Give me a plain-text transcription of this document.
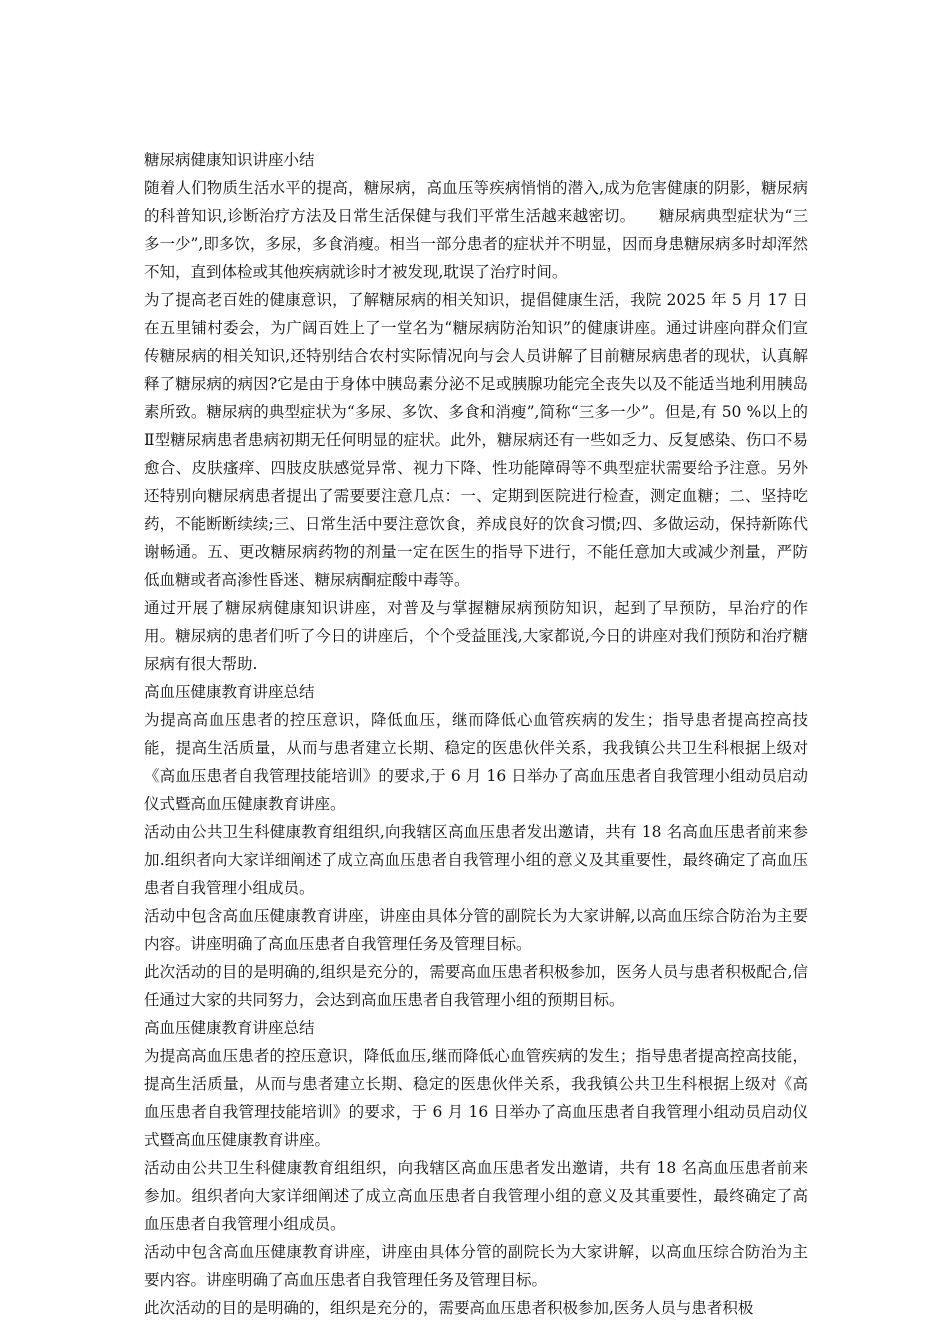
糖尿病健康知识讲座小结

随着人们物质生活水平的提高，糖尿病，高血压等疾病悄悄的潜入,成为危害健康的阴影，糖尿病的科普知识,诊断治疗方法及日常生活保健与我们平常生活越来越密切。　　糖尿病典型症状为“三多一少”,即多饮，多尿，多食消瘦。相当一部分患者的症状并不明显，因而身患糖尿病多时却浑然不知，直到体检或其他疾病就诊时才被发现,耽误了治疗时间。

为了提高老百姓的健康意识，了解糖尿病的相关知识，提倡健康生活，我院 2025 年 5 月 17 日在五里铺村委会，为广阔百姓上了一堂名为“糖尿病防治知识”的健康讲座。通过讲座向群众们宣传糖尿病的相关知识,还特别结合农村实际情况向与会人员讲解了目前糖尿病患者的现状，认真解释了糖尿病的病因?它是由于身体中胰岛素分泌不足或胰腺功能完全丧失以及不能适当地利用胰岛素所致。糖尿病的典型症状为“多尿、多饮、多食和消瘦”,简称“三多一少”。但是,有 50 %以上的Ⅱ型糖尿病患者患病初期无任何明显的症状。此外，糖尿病还有一些如乏力、反复感染、伤口不易愈合、皮肤瘙痒、四肢皮肤感觉异常、视力下降、性功能障碍等不典型症状需要给予注意。另外还特别向糖尿病患者提出了需要要注意几点：一、定期到医院进行检查，测定血糖；二、坚持吃药，不能断断续续;三、日常生活中要注意饮食，养成良好的饮食习惯;四、多做运动，保持新陈代谢畅通。五、更改糖尿病药物的剂量一定在医生的指导下进行，不能任意加大或减少剂量，严防低血糖或者高渗性昏迷、糖尿病酮症酸中毒等。

通过开展了糖尿病健康知识讲座，对普及与掌握糖尿病预防知识，起到了早预防，早治疗的作用。糖尿病的患者们听了今日的讲座后，个个受益匪浅,大家都说,今日的讲座对我们预防和治疗糖尿病有很大帮助.

高血压健康教育讲座总结

为提高高血压患者的控压意识，降低血压，继而降低心血管疾病的发生；指导患者提高控高技能，提高生活质量，从而与患者建立长期、稳定的医患伙伴关系，我我镇公共卫生科根据上级对《高血压患者自我管理技能培训》的要求,于 6 月 16 日举办了高血压患者自我管理小组动员启动仪式暨高血压健康教育讲座。

活动由公共卫生科健康教育组组织,向我辖区高血压患者发出邀请，共有 18 名高血压患者前来参加.组织者向大家详细阐述了成立高血压患者自我管理小组的意义及其重要性，最终确定了高血压患者自我管理小组成员。

活动中包含高血压健康教育讲座，讲座由具体分管的副院长为大家讲解,以高血压综合防治为主要内容。讲座明确了高血压患者自我管理任务及管理目标。

此次活动的目的是明确的,组织是充分的，需要高血压患者积极参加，医务人员与患者积极配合,信任通过大家的共同努力，会达到高血压患者自我管理小组的预期目标。

高血压健康教育讲座总结

为提高高血压患者的控压意识，降低血压,继而降低心血管疾病的发生；指导患者提高控高技能，提高生活质量，从而与患者建立长期、稳定的医患伙伴关系，我我镇公共卫生科根据上级对《高血压患者自我管理技能培训》的要求，于 6 月 16 日举办了高血压患者自我管理小组动员启动仪式暨高血压健康教育讲座。

活动由公共卫生科健康教育组组织，向我辖区高血压患者发出邀请，共有 18 名高血压患者前来参加。组织者向大家详细阐述了成立高血压患者自我管理小组的意义及其重要性，最终确定了高血压患者自我管理小组成员。

活动中包含高血压健康教育讲座，讲座由具体分管的副院长为大家讲解，以高血压综合防治为主要内容。讲座明确了高血压患者自我管理任务及管理目标。

此次活动的目的是明确的，组织是充分的，需要高血压患者积极参加,医务人员与患者积极
